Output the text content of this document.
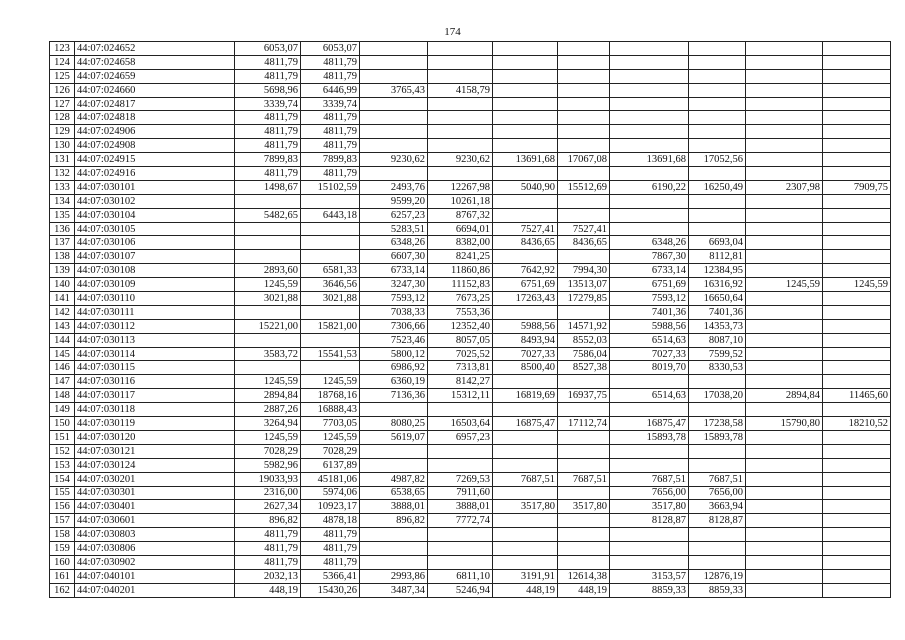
174
123	44:07:024652	6053,07	6053,07								
124	44:07:024658	4811,79	4811,79								
125	44:07:024659	4811,79	4811,79								
126	44:07:024660	5698,96	6446,99	3765,43	4158,79						
127	44:07:024817	3339,74	3339,74								
128	44:07:024818	4811,79	4811,79								
129	44:07:024906	4811,79	4811,79								
130	44:07:024908	4811,79	4811,79								
131	44:07:024915	7899,83	7899,83	9230,62	9230,62	13691,68	17067,08	13691,68	17052,56		
132	44:07:024916	4811,79	4811,79								
133	44:07:030101	1498,67	15102,59	2493,76	12267,98	5040,90	15512,69	6190,22	16250,49	2307,98	7909,75
134	44:07:030102			9599,20	10261,18						
135	44:07:030104	5482,65	6443,18	6257,23	8767,32						
136	44:07:030105			5283,51	6694,01	7527,41	7527,41				
137	44:07:030106			6348,26	8382,00	8436,65	8436,65	6348,26	6693,04		
138	44:07:030107			6607,30	8241,25			7867,30	8112,81		
139	44:07:030108	2893,60	6581,33	6733,14	11860,86	7642,92	7994,30	6733,14	12384,95		
140	44:07:030109	1245,59	3646,56	3247,30	11152,83	6751,69	13513,07	6751,69	16316,92	1245,59	1245,59
141	44:07:030110	3021,88	3021,88	7593,12	7673,25	17263,43	17279,85	7593,12	16650,64		
142	44:07:030111			7038,33	7553,36			7401,36	7401,36		
143	44:07:030112	15221,00	15821,00	7306,66	12352,40	5988,56	14571,92	5988,56	14353,73		
144	44:07:030113			7523,46	8057,05	8493,94	8552,03	6514,63	8087,10		
145	44:07:030114	3583,72	15541,53	5800,12	7025,52	7027,33	7586,04	7027,33	7599,52		
146	44:07:030115			6986,92	7313,81	8500,40	8527,38	8019,70	8330,53		
147	44:07:030116	1245,59	1245,59	6360,19	8142,27						
148	44:07:030117	2894,84	18768,16	7136,36	15312,11	16819,69	16937,75	6514,63	17038,20	2894,84	11465,60
149	44:07:030118	2887,26	16888,43								
150	44:07:030119	3264,94	7703,05	8080,25	16503,64	16875,47	17112,74	16875,47	17238,58	15790,80	18210,52
151	44:07:030120	1245,59	1245,59	5619,07	6957,23			15893,78	15893,78		
152	44:07:030121	7028,29	7028,29								
153	44:07:030124	5982,96	6137,89								
154	44:07:030201	19033,93	45181,06	4987,82	7269,53	7687,51	7687,51	7687,51	7687,51		
155	44:07:030301	2316,00	5974,06	6538,65	7911,60			7656,00	7656,00		
156	44:07:030401	2627,34	10923,17	3888,01	3888,01	3517,80	3517,80	3517,80	3663,94		
157	44:07:030601	896,82	4878,18	896,82	7772,74			8128,87	8128,87		
158	44:07:030803	4811,79	4811,79								
159	44:07:030806	4811,79	4811,79								
160	44:07:030902	4811,79	4811,79								
161	44:07:040101	2032,13	5366,41	2993,86	6811,10	3191,91	12614,38	3153,57	12876,19		
162	44:07:040201	448,19	15430,26	3487,34	5246,94	448,19	448,19	8859,33	8859,33		
